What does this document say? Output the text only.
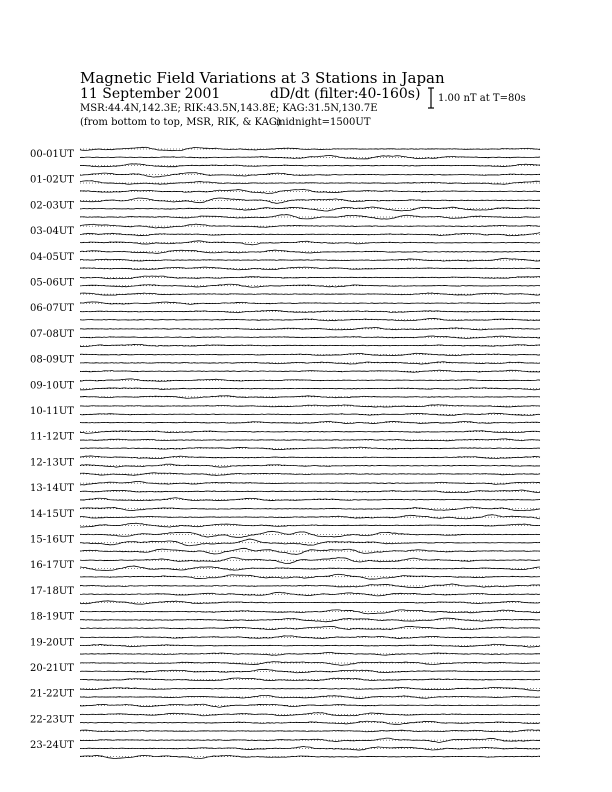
Magnetic Field Variations at 3 Stations in Japan
11 September 2001	dD/dt (filter:40-160s)
MSR:44.4N,142.3E; RIK:43.5N,143.8E; KAG:31.5N,130.7E
(from bottom to top, MSR, RIK, & KAG)
midnight=1500UT
1.00 nT at T=80s
00-01UT
01-02UT
02-03UT
03-04UT
04-05UT
05-06UT
06-07UT
07-08UT
08-09UT
09-10UT
10-11UT
11-12UT
12-13UT
13-14UT
14-15UT
15-16UT
16-17UT
17-18UT
18-19UT
19-20UT
20-21UT
21-22UT
22-23UT
23-24UT
